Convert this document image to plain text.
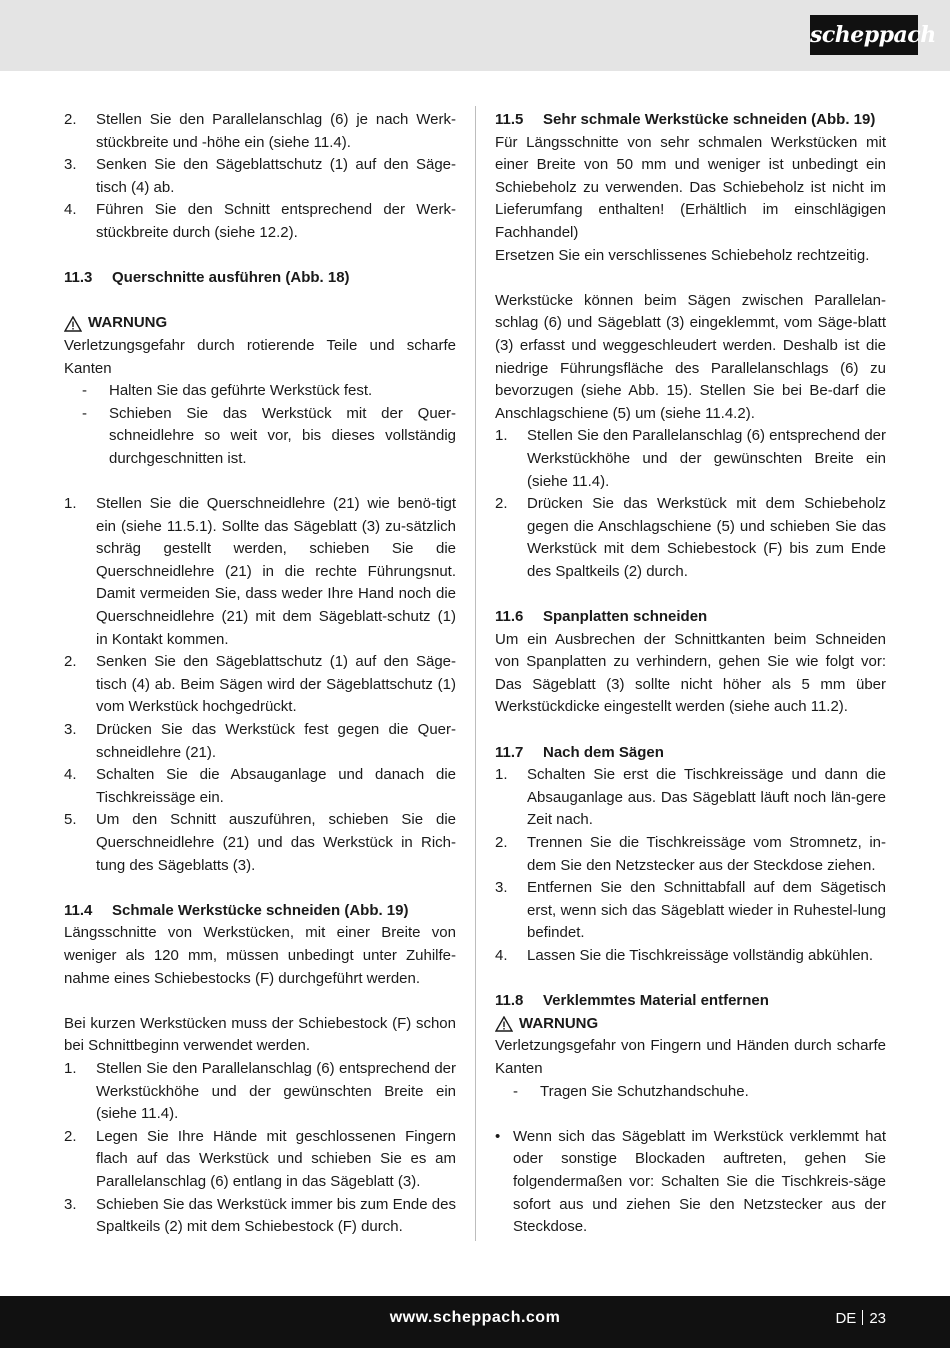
scheppach
2.	Stellen Sie den Parallelanschlag (6) je nach Werk-stückbreite und -höhe ein (siehe 11.4).
3.	Senken Sie den Sägeblattschutz (1) auf den Säge-tisch (4) ab.
4.	Führen Sie den Schnitt entsprechend der Werk-stückbreite durch (siehe 12.2).
11.3	Querschnitte ausführen (Abb. 18)
WARNUNG

Verletzungsgefahr durch rotierende Teile und scharfe Kanten

-	Halten Sie das geführte Werkstück fest.
-	Schieben Sie das Werkstück mit der Quer-schneidlehre so weit vor, bis dieses vollständig durchgeschnitten ist.
1.	Stellen Sie die Querschneidlehre (21) wie benö-tigt ein (siehe 11.5.1). Sollte das Sägeblatt (3) zu-sätzlich schräg gestellt werden, schieben Sie die Querschneidlehre (21) in die rechte Führungsnut. Damit vermeiden Sie, dass weder Ihre Hand noch die Querschneidlehre (21) mit dem Sägeblatt-schutz (1) in Kontakt kommen.
2.	Senken Sie den Sägeblattschutz (1) auf den Säge-tisch (4) ab. Beim Sägen wird der Sägeblattschutz (1) vom Werkstück hochgedrückt.
3.	Drücken Sie das Werkstück fest gegen die Quer-schneidlehre (21).
4.	Schalten Sie die Absauganlage und danach die Tischkreissäge ein.
5.	Um den Schnitt auszuführen, schieben Sie die Querschneidlehre (21) und das Werkstück in Rich-tung des Sägeblatts (3).
11.4	Schmale Werkstücke schneiden (Abb. 19)

Längsschnitte von Werkstücken, mit einer Breite von weniger als 120 mm, müssen unbedingt unter Zuhilfe-nahme eines Schiebestocks (F) durchgeführt werden.

Bei kurzen Werkstücken muss der Schiebestock (F) schon bei Schnittbeginn verwendet werden.

1.	Stellen Sie den Parallelanschlag (6) entsprechend der Werkstückhöhe und der gewünschten Breite ein (siehe 11.4).
2.	Legen Sie Ihre Hände mit geschlossenen Fingern flach auf das Werkstück und schieben Sie es am Parallelanschlag (6) entlang in das Sägeblatt (3).
3.	Schieben Sie das Werkstück immer bis zum Ende des Spaltkeils (2) mit dem Schiebestock (F) durch.
11.5	Sehr schmale Werkstücke schneiden (Abb. 19)

Für Längsschnitte von sehr schmalen Werkstücken mit einer Breite von 50 mm und weniger ist unbedingt ein Schiebeholz zu verwenden. Das Schiebeholz ist nicht im Lieferumfang enthalten! (Erhältlich im einschlägigen Fachhandel)

Ersetzen Sie ein verschlissenes Schiebeholz rechtzeitig.

Werkstücke können beim Sägen zwischen Parallelan-schlag (6) und Sägeblatt (3) eingeklemmt, vom Säge-blatt (3) erfasst und weggeschleudert werden. Deshalb ist die niedrige Führungsfläche des Parallelanschlags (6) zu bevorzugen (siehe Abb. 15). Stellen Sie bei Be-darf die Anschlagschiene (5) um (siehe 11.4.2).

1.	Stellen Sie den Parallelanschlag (6) entsprechend der Werkstückhöhe und der gewünschten Breite ein (siehe 11.4).
2.	Drücken Sie das Werkstück mit dem Schiebeholz gegen die Anschlagschiene (5) und schieben Sie das Werkstück mit dem Schiebestock (F) bis zum Ende des Spaltkeils (2) durch.
11.6	Spanplatten schneiden

Um ein Ausbrechen der Schnittkanten beim Schneiden von Spanplatten zu verhindern, gehen Sie wie folgt vor: Das Sägeblatt (3) sollte nicht höher als 5 mm über Werkstückdicke eingestellt werden (siehe auch 11.2).

11.7	Nach dem Sägen
1.	Schalten Sie erst die Tischkreissäge und dann die Absauganlage aus. Das Sägeblatt läuft noch län-gere Zeit nach.
2.	Trennen Sie die Tischkreissäge vom Stromnetz, in-dem Sie den Netzstecker aus der Steckdose ziehen.
3.	Entfernen Sie den Schnittabfall auf dem Sägetisch erst, wenn sich das Sägeblatt wieder in Ruhestel-lung befindet.
4.	Lassen Sie die Tischkreissäge vollständig abkühlen.
11.8	Verklemmtes Material entfernen
WARNUNG

Verletzungsgefahr von Fingern und Händen durch scharfe Kanten

-	Tragen Sie Schutzhandschuhe.
• Wenn sich das Sägeblatt im Werkstück verklemmt hat oder sonstige Blockaden auftreten, gehen Sie folgendermaßen vor: Schalten Sie die Tischkreis-säge sofort aus und ziehen Sie den Netzstecker aus der Steckdose.
www.scheppach.com	DE 23
